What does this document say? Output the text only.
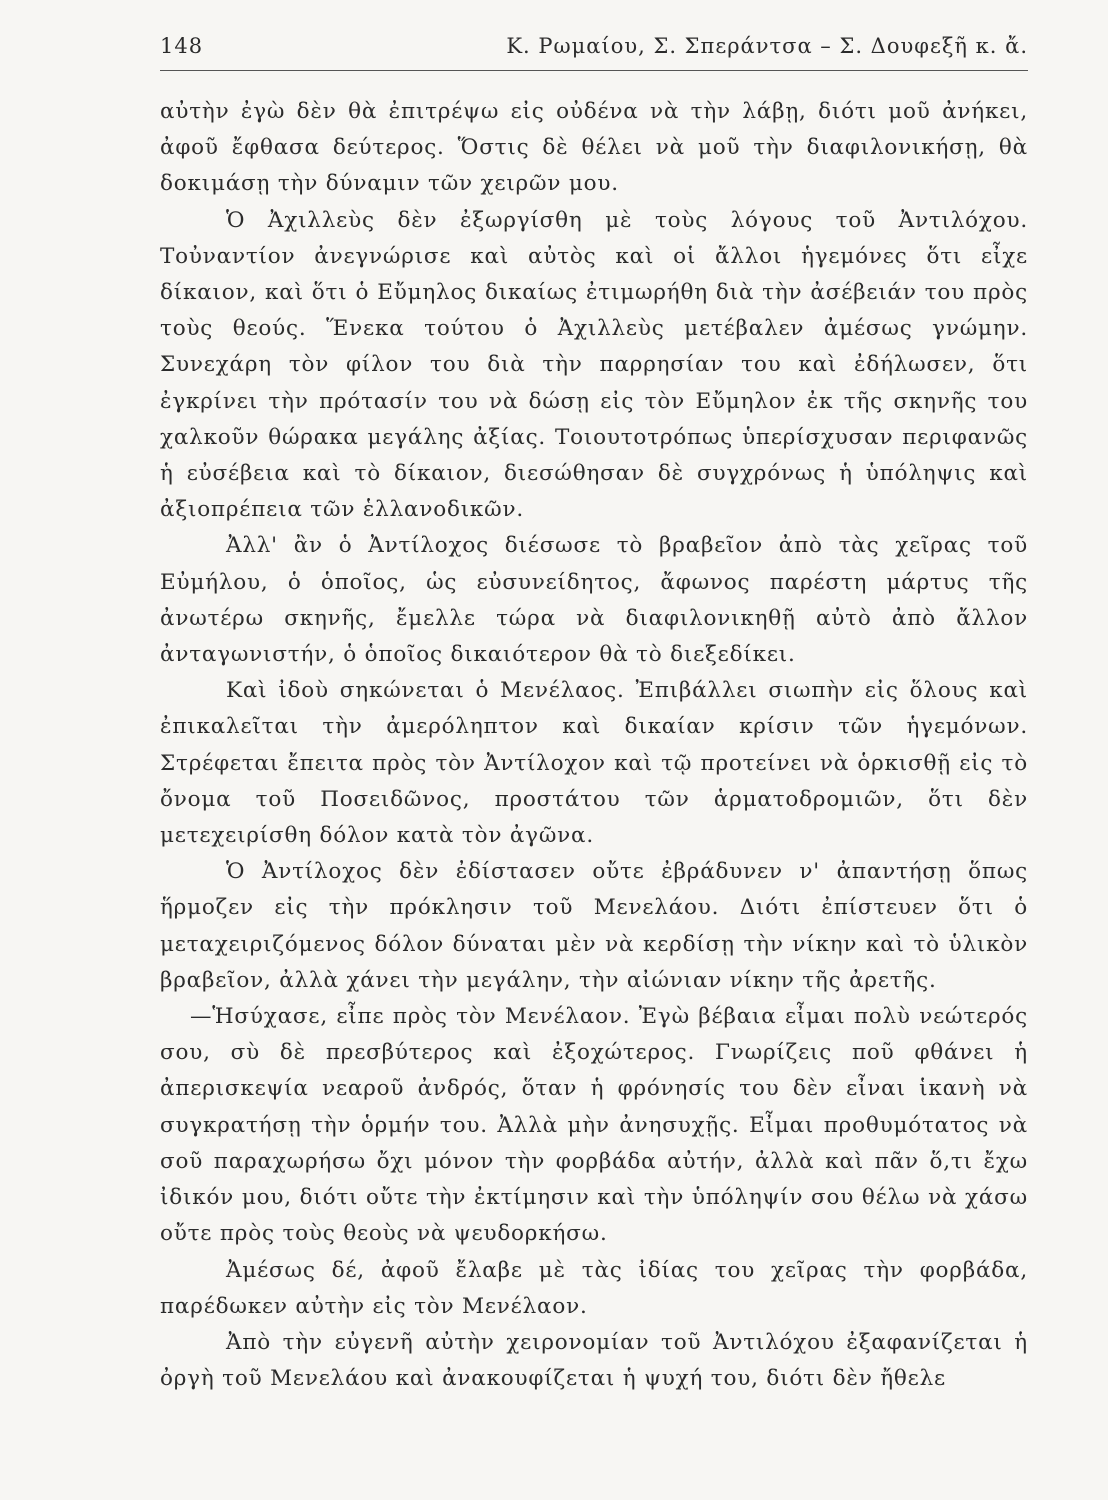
148	Κ. Ρωμαίου, Σ. Σπεράντσα – Σ. Δουφεξῆ κ. ἄ.

αὐτὴν ἐγὼ δὲν θὰ ἐπιτρέψω εἰς οὐδένα νὰ τὴν λάβῃ, διότι μοῦ ἀνήκει, ἀφοῦ ἔφθασα δεύτερος. Ὅστις δὲ θέλει νὰ μοῦ τὴν διαφιλονικήσῃ, θὰ δοκιμάσῃ τὴν δύναμιν τῶν χειρῶν μου.

Ὁ Ἀχιλλεὺς δὲν ἐξωργίσθη μὲ τοὺς λόγους τοῦ Ἀντιλόχου. Τοὐναντίον ἀνεγνώρισε καὶ αὐτὸς καὶ οἱ ἄλλοι ἡγεμόνες ὅτι εἶχε δίκαιον, καὶ ὅτι ὁ Εὔμηλος δικαίως ἐτιμωρήθη διὰ τὴν ἀσέβειάν του πρὸς τοὺς θεούς. Ἕνεκα τούτου ὁ Ἀχιλλεὺς μετέβαλεν ἀμέσως γνώμην. Συνεχάρη τὸν φίλον του διὰ τὴν παρρησίαν του καὶ ἐδήλωσεν, ὅτι ἐγκρίνει τὴν πρότασίν του νὰ δώσῃ εἰς τὸν Εὔμηλον ἐκ τῆς σκηνῆς του χαλκοῦν θώρακα μεγάλης ἀξίας. Τοιουτοτρόπως ὑπερίσχυσαν περιφανῶς ἡ εὐσέβεια καὶ τὸ δίκαιον, διεσώθησαν δὲ συγχρόνως ἡ ὑπόληψις καὶ ἀξιοπρέπεια τῶν ἑλλανοδικῶν.

Ἀλλ' ἂν ὁ Ἀντίλοχος διέσωσε τὸ βραβεῖον ἀπὸ τὰς χεῖρας τοῦ Εὐμήλου, ὁ ὁποῖος, ὡς εὐσυνείδητος, ἄφωνος παρέστη μάρτυς τῆς ἀνωτέρω σκηνῆς, ἔμελλε τώρα νὰ διαφιλονικηθῇ αὐτὸ ἀπὸ ἄλλον ἀνταγωνιστήν, ὁ ὁποῖος δικαιότερον θὰ τὸ διεξεδίκει.

Καὶ ἰδοὺ σηκώνεται ὁ Μενέλαος. Ἐπιβάλλει σιωπὴν εἰς ὅλους καὶ ἐπικαλεῖται τὴν ἀμερόληπτον καὶ δικαίαν κρίσιν τῶν ἡγεμόνων. Στρέφεται ἔπειτα πρὸς τὸν Ἀντίλοχον καὶ τῷ προτείνει νὰ ὁρκισθῇ εἰς τὸ ὄνομα τοῦ Ποσειδῶνος, προστάτου τῶν ἁρματοδρομιῶν, ὅτι δὲν μετεχειρίσθη δόλον κατὰ τὸν ἀγῶνα.

Ὁ Ἀντίλοχος δὲν ἐδίστασεν οὔτε ἐβράδυνεν ν' ἀπαντήσῃ ὅπως ἥρμοζεν εἰς τὴν πρόκλησιν τοῦ Μενελάου. Διότι ἐπίστευεν ὅτι ὁ μεταχειριζόμενος δόλον δύναται μὲν νὰ κερδίσῃ τὴν νίκην καὶ τὸ ὑλικὸν βραβεῖον, ἀλλὰ χάνει τὴν μεγάλην, τὴν αἰώνιαν νίκην τῆς ἀρετῆς.

—Ἡσύχασε, εἶπε πρὸς τὸν Μενέλαον. Ἐγὼ βέβαια εἶμαι πολὺ νεώτερός σου, σὺ δὲ πρεσβύτερος καὶ ἐξοχώτερος. Γνωρίζεις ποῦ φθάνει ἡ ἀπερισκεψία νεαροῦ ἀνδρός, ὅταν ἡ φρόνησίς του δὲν εἶναι ἱκανὴ νὰ συγκρατήσῃ τὴν ὁρμήν του. Ἀλλὰ μὴν ἀνησυχῇς. Εἶμαι προθυμότατος νὰ σοῦ παραχωρήσω ὄχι μόνον τὴν φορβάδα αὐτήν, ἀλλὰ καὶ πᾶν ὅ,τι ἔχω ἰδικόν μου, διότι οὔτε τὴν ἐκτίμησιν καὶ τὴν ὑπόληψίν σου θέλω νὰ χάσω οὔτε πρὸς τοὺς θεοὺς νὰ ψευδορκήσω.

Ἀμέσως δέ, ἀφοῦ ἔλαβε μὲ τὰς ἰδίας του χεῖρας τὴν φορβάδα, παρέδωκεν αὐτὴν εἰς τὸν Μενέλαον.

Ἀπὸ τὴν εὐγενῆ αὐτὴν χειρονομίαν τοῦ Ἀντιλόχου ἐξαφανίζεται ἡ ὀργὴ τοῦ Μενελάου καὶ ἀνακουφίζεται ἡ ψυχή του, διότι δὲν ἤθελε
